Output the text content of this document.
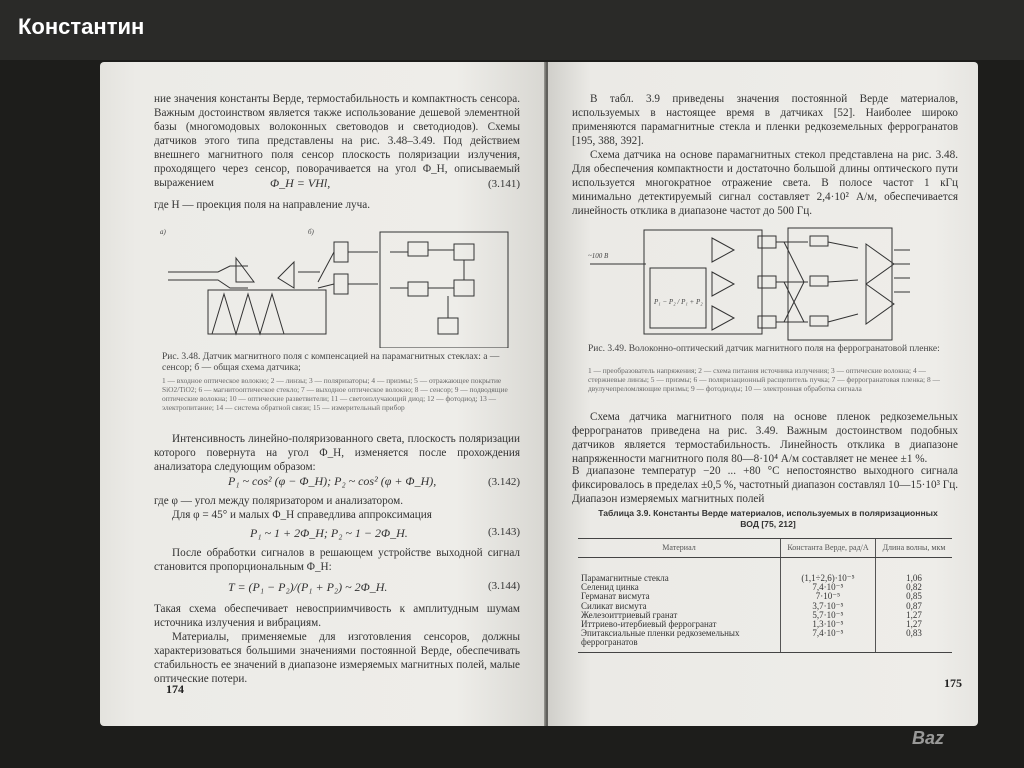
Константин

ние значения константы Верде, термостабильность и компактность сенсора. Важным достоинством является также использование дешевой элементной базы (многомодовых волоконных световодов и светодиодов). Схемы датчиков этого типа представлены на рис. 3.48–3.49. Под действием внешнего магнитного поля сенсор плоскость поляризации излучения, проходящего через сенсор, поворачивается на угол Φ_H, описываемый выражением	Φ_H = VHl,	(3.141)

где H — проекция поля на направление луча.

а)	б)

Рис. 3.48. Датчик магнитного поля с компенсацией на парамагнитных стеклах: а — сенсор; б — общая схема датчика;

1 — входное оптическое волокно; 2 — линзы; 3 — поляризаторы; 4 — призмы; 5 — отражающее покрытие SiO2/TiO2; 6 — магнитооптическое стекло; 7 — выходное оптическое волокно; 8 — сенсор; 9 — подводящие оптические волокна; 10 — оптические разветвители; 11 — светоизлучающий диод; 12 — фотодиод; 13 — электропитание; 14 — система обратной связи; 15 — измерительный прибор

Интенсивность линейно-поляризованного света, плоскость поляризации которого повернута на угол Φ_H, изменяется после прохождения анализатора следующим образом:

P₁ ~ cos² (φ − Φ_H); P₂ ~ cos² (φ + Φ_H),	(3.142)

где φ — угол между поляризатором и анализатором.

Для φ = 45° и малых Φ_H справедлива аппроксимация

P₁ ~ 1 + 2Φ_H; P₂ ~ 1 − 2Φ_H.	(3.143)

После обработки сигналов в решающем устройстве выходной сигнал становится пропорциональным Φ_H:

T = (P₁ − P₂)/(P₁ + P₂) ~ 2Φ_H.	(3.144)

Такая схема обеспечивает невосприимчивость к амплитудным шумам источника излучения и вибрациям.

Материалы, применяемые для изготовления сенсоров, должны характеризоваться большими значениями постоянной Верде, обеспечивать стабильность ее значений в диапазоне измеряемых магнитных полей, малые оптические потери.

174

В табл. 3.9 приведены значения постоянной Верде материалов, используемых в настоящее время в датчиках [52]. Наиболее широко применяются парамагнитные стекла и пленки редкоземельных феррогранатов [195, 388, 392].

Схема датчика на основе парамагнитных стекол представлена на рис. 3.48. Для обеспечения компактности и достаточно большой длины оптического пути используется многократное отражение света. В полосе частот 1 кГц минимально детектируемый сигнал составляет 2,4·10² А/м, обеспечивается линейность отклика в диапазоне частот до 500 Гц.

~100 В
P₁ − P₂ / P₁ + P₂

Рис. 3.49. Волоконно-оптический датчик магнитного поля на феррогранатовой пленке:

1 — преобразователь напряжения; 2 — схема питания источника излучения; 3 — оптические волокна; 4 — стержневые линзы; 5 — призмы; 6 — поляризационный расщепитель пучка; 7 — феррогранатовая пленка; 8 — двулучепреломляющие призмы; 9 — фотодиоды; 10 — электронная обработка сигнала

Схема датчика магнитного поля на основе пленок редкоземельных феррогранатов приведена на рис. 3.49. Важным достоинством подобных датчиков является термостабильность. Линейность отклика в диапазоне напряженности магнитного поля 80—8·10⁴ А/м составляет не менее ±1 %.

В диапазоне температур −20 ... +80 °С непостоянство выходного сигнала фиксировалось в пределах ±0,5 %, частотный диапазон составлял 10—15·10³ Гц. Диапазон измеряемых магнитных полей

Таблица 3.9. Константы Верде материалов, используемых в поляризационных ВОД [75, 212]
Материал	Константа Верде, рад/А	Длина волны, мкм
Парамагнитные стекла	(1,1÷2,6)·10⁻⁵	1,06
Селенид цинка	7,4·10⁻⁵	0,82
Германат висмута	7·10⁻⁵	0,85
Силикат висмута	3,7·10⁻⁵	0,87
Железоиттриевый гранат	5,7·10⁻⁵	1,27
Иттриево-итербиевый феррогранат	1,3·10⁻⁵	1,27
Эпитаксиальные пленки редкоземельных феррогранатов	7,4·10⁻⁵	0,83
175
Baz
